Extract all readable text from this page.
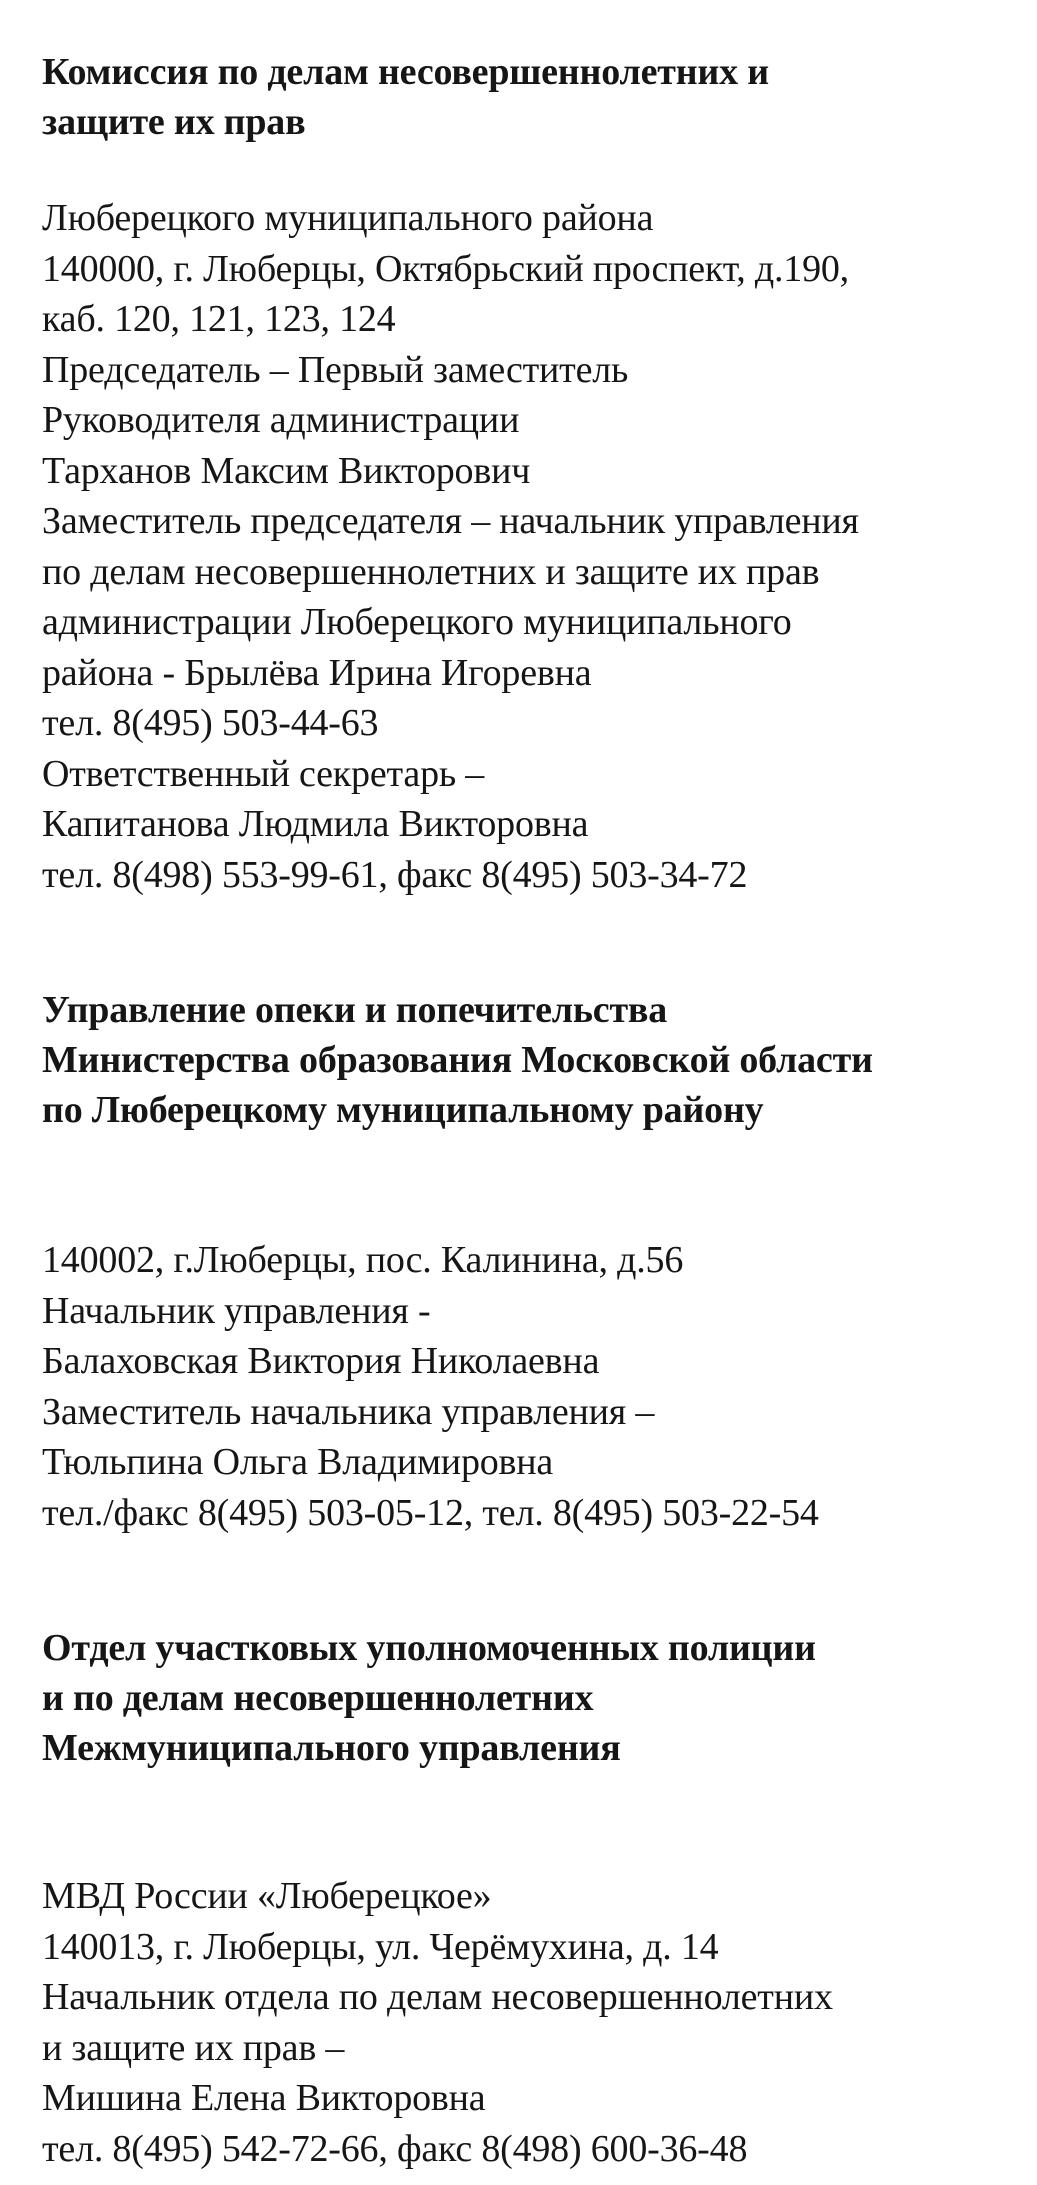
Комиссия по делам несовершеннолетних и
защите их прав
Люберецкого муниципального района
140000, г. Люберцы, Октябрьский проспект, д.190,
каб. 120, 121, 123, 124
Председатель – Первый заместитель
Руководителя администрации
Тарханов Максим Викторович
Заместитель председателя – начальник управления
по делам несовершеннолетних и защите их прав
администрации Люберецкого муниципального
района - Брылёва Ирина Игоревна
тел. 8(495) 503-44-63
Ответственный секретарь –
Капитанова Людмила Викторовна
тел. 8(498) 553-99-61, факс 8(495) 503-34-72
Управление опеки и попечительства
Министерства образования Московской области
по Люберецкому муниципальному району
140002, г.Люберцы, пос. Калинина, д.56
Начальник управления -
Балаховская Виктория Николаевна
Заместитель начальника управления –
Тюльпина Ольга Владимировна
тел./факс 8(495) 503-05-12, тел. 8(495) 503-22-54
Отдел участковых уполномоченных полиции
и по делам несовершеннолетних
Межмуниципального управления
МВД России «Люберецкое»
140013, г. Люберцы, ул. Черёмухина, д. 14
Начальник отдела по делам несовершеннолетних
и защите их прав –
Мишина Елена Викторовна
тел. 8(495) 542-72-66, факс 8(498) 600-36-48
